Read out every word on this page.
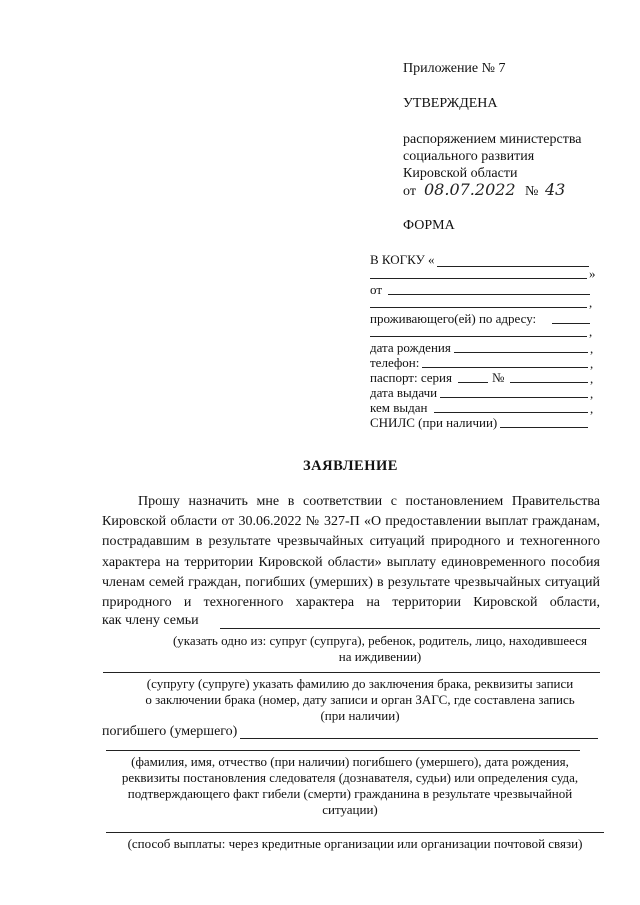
Приложение № 7
УТВЕРЖДЕНА
распоряжением министерства
социального развития
Кировской области
от 08.07.2022 № 43
ФОРМА
В КОГКУ «
»
от
,
проживающего(ей) по адресу:
,
дата рождения	,
телефон:	,
паспорт: серия	№	,
дата выдачи	,
кем выдан	,
СНИЛС (при наличии)
ЗАЯВЛЕНИЕ
Прошу назначить мне в соответствии с постановлением Правительства
Кировской области от 30.06.2022 № 327-П «О предоставлении выплат гражданам,
пострадавшим в результате чрезвычайных ситуаций природного и техногенного
характера на территории Кировской области» выплату единовременного пособия
членам семей граждан, погибших (умерших) в результате чрезвычайных ситуаций
природного и техногенного характера на территории Кировской области,
как члену семьи
(указать одно из: супруг (супруга), ребенок, родитель, лицо, находившееся
на иждивении)
(супругу (супруге) указать фамилию до заключения брака, реквизиты записи
о заключении брака (номер, дату записи и орган ЗАГС, где составлена запись
(при наличии)
погибшего (умершего)
(фамилия, имя, отчество (при наличии) погибшего (умершего), дата рождения,
реквизиты постановления следователя (дознавателя, судьи) или определения суда,
подтверждающего факт гибели (смерти) гражданина в результате чрезвычайной
ситуации)
(способ выплаты: через кредитные организации или организации почтовой связи)
